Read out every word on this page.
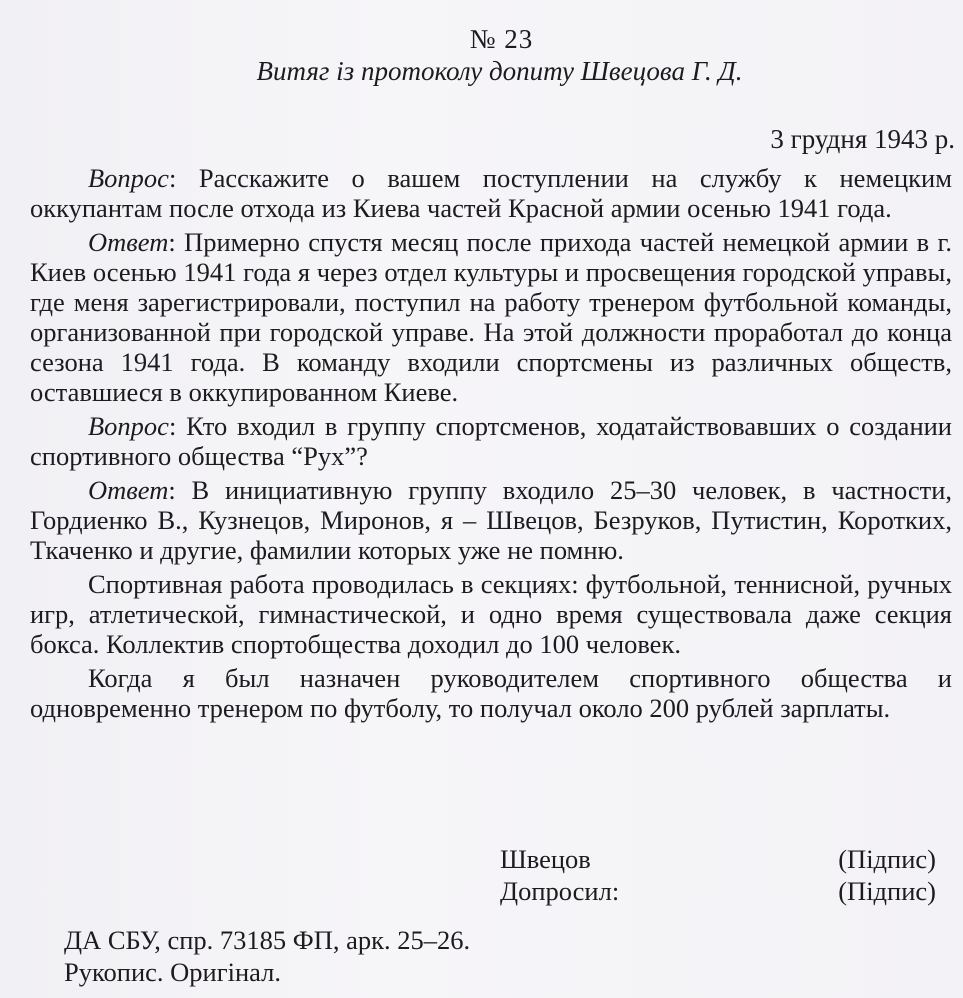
№ 23
Витяг із протоколу допиту Швецова Г. Д.
3 грудня 1943 р.

Вопрос: Расскажите о вашем поступлении на службу к немецким оккупантам после отхода из Киева частей Красной армии осенью 1941 года.

Ответ: Примерно спустя месяц после прихода частей немецкой армии в г. Киев осенью 1941 года я через отдел культуры и просвещения городской управы, где меня зарегистрировали, поступил на работу тренером футбольной команды, организованной при городской управе. На этой должности проработал до конца сезона 1941 года. В команду входили спортсмены из различных обществ, оставшиеся в оккупированном Киеве.

Вопрос: Кто входил в группу спортсменов, ходатайствовавших о создании спортивного общества “Рух”?

Ответ: В инициативную группу входило 25–30 человек, в частности, Гордиенко В., Кузнецов, Миронов, я – Швецов, Безруков, Путистин, Коротких, Ткаченко и другие, фамилии которых уже не помню.

Спортивная работа проводилась в секциях: футбольной, теннисной, ручных игр, атлетической, гимнастической, и одно время существовала даже секция бокса. Коллектив спортобщества доходил до 100 человек.

Когда я был назначен руководителем спортивного общества и одновременно тренером по футболу, то получал около 200 рублей зарплаты.

Швецов	(Підпис)
Допросил:	(Підпис)
ДА СБУ, спр. 73185 ФП, арк. 25–26.
Рукопис. Оригінал.
